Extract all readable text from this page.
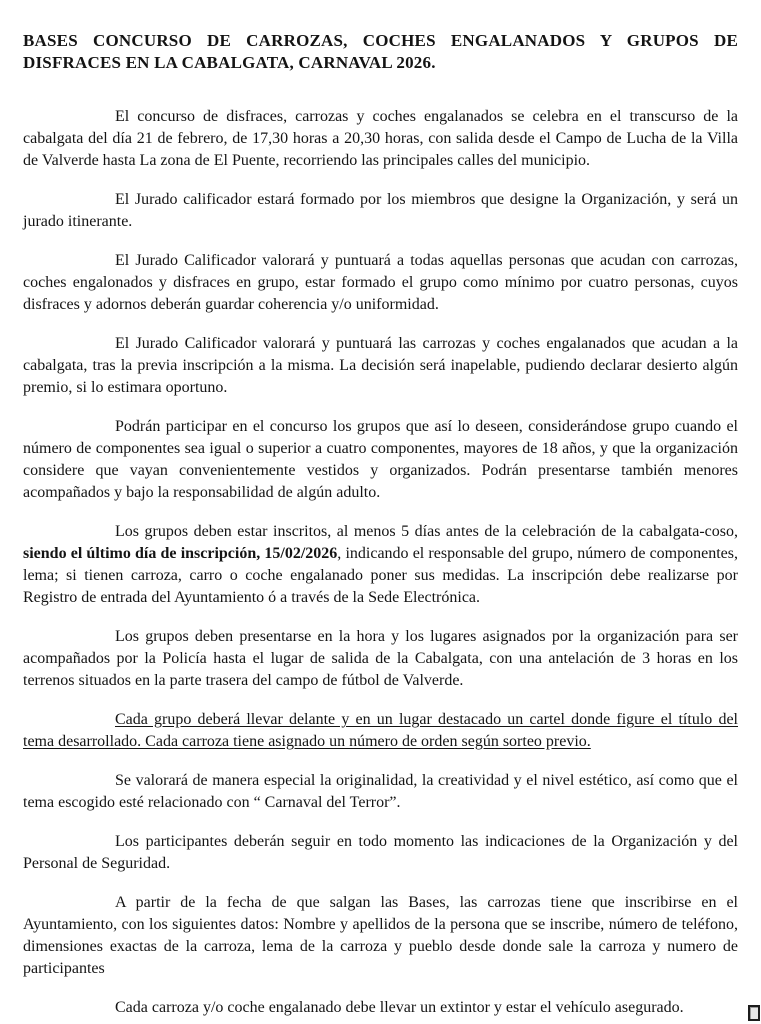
BASES CONCURSO DE CARROZAS, COCHES ENGALANADOS Y GRUPOS DE
DISFRACES EN LA CABALGATA, CARNAVAL 2026.

El concurso de disfraces, carrozas y coches engalanados se celebra en el transcurso de la cabalgata del día 21 de febrero, de 17,30 horas a 20,30 horas, con salida desde el Campo de Lucha de la Villa de Valverde hasta La zona de El Puente, recorriendo las principales calles del municipio.

El Jurado calificador estará formado por los miembros que designe la Organización, y será un jurado itinerante.

El Jurado Calificador valorará y puntuará a todas aquellas personas que acudan con carrozas, coches engalonados y disfraces en grupo, estar formado el grupo como mínimo por cuatro personas, cuyos disfraces y adornos deberán guardar coherencia y/o uniformidad.

El Jurado Calificador valorará y puntuará las carrozas y coches engalanados que acudan a la cabalgata, tras la previa inscripción a la misma. La decisión será inapelable, pudiendo declarar desierto algún premio, si lo estimara oportuno.

Podrán participar en el concurso los grupos que así lo deseen, considerándose grupo cuando el número de componentes sea igual o superior a cuatro componentes, mayores de 18 años, y que la organización considere que vayan convenientemente vestidos y organizados. Podrán presentarse también menores acompañados y bajo la responsabilidad de algún adulto.

Los grupos deben estar inscritos, al menos 5 días antes de la celebración de la cabalgata-coso, siendo el último día de inscripción, 15/02/2026, indicando el responsable del grupo, número de componentes, lema; si tienen carroza, carro o coche engalanado poner sus medidas. La inscripción debe realizarse por Registro de entrada del Ayuntamiento ó a través de la Sede Electrónica.

Los grupos deben presentarse en la hora y los lugares asignados por la organización para ser acompañados por la Policía hasta el lugar de salida de la Cabalgata, con una antelación de 3 horas en los terrenos situados en la parte trasera del campo de fútbol de Valverde.

Cada grupo deberá llevar delante y en un lugar destacado un cartel donde figure el título del tema desarrollado. Cada carroza tiene asignado un número de orden según sorteo previo.

Se valorará de manera especial la originalidad, la creatividad y el nivel estético, así como que el tema escogido esté relacionado con “ Carnaval del Terror”.

Los participantes deberán seguir en todo momento las indicaciones de la Organización y del Personal de Seguridad.

A partir de la fecha de que salgan las Bases, las carrozas tiene que inscribirse en el Ayuntamiento, con los siguientes datos: Nombre y apellidos de la persona que se inscribe, número de teléfono, dimensiones exactas de la carroza, lema de la carroza y pueblo desde donde sale la carroza y numero de participantes

Cada carroza y/o coche engalanado debe llevar un extintor y estar el vehículo asegurado.
